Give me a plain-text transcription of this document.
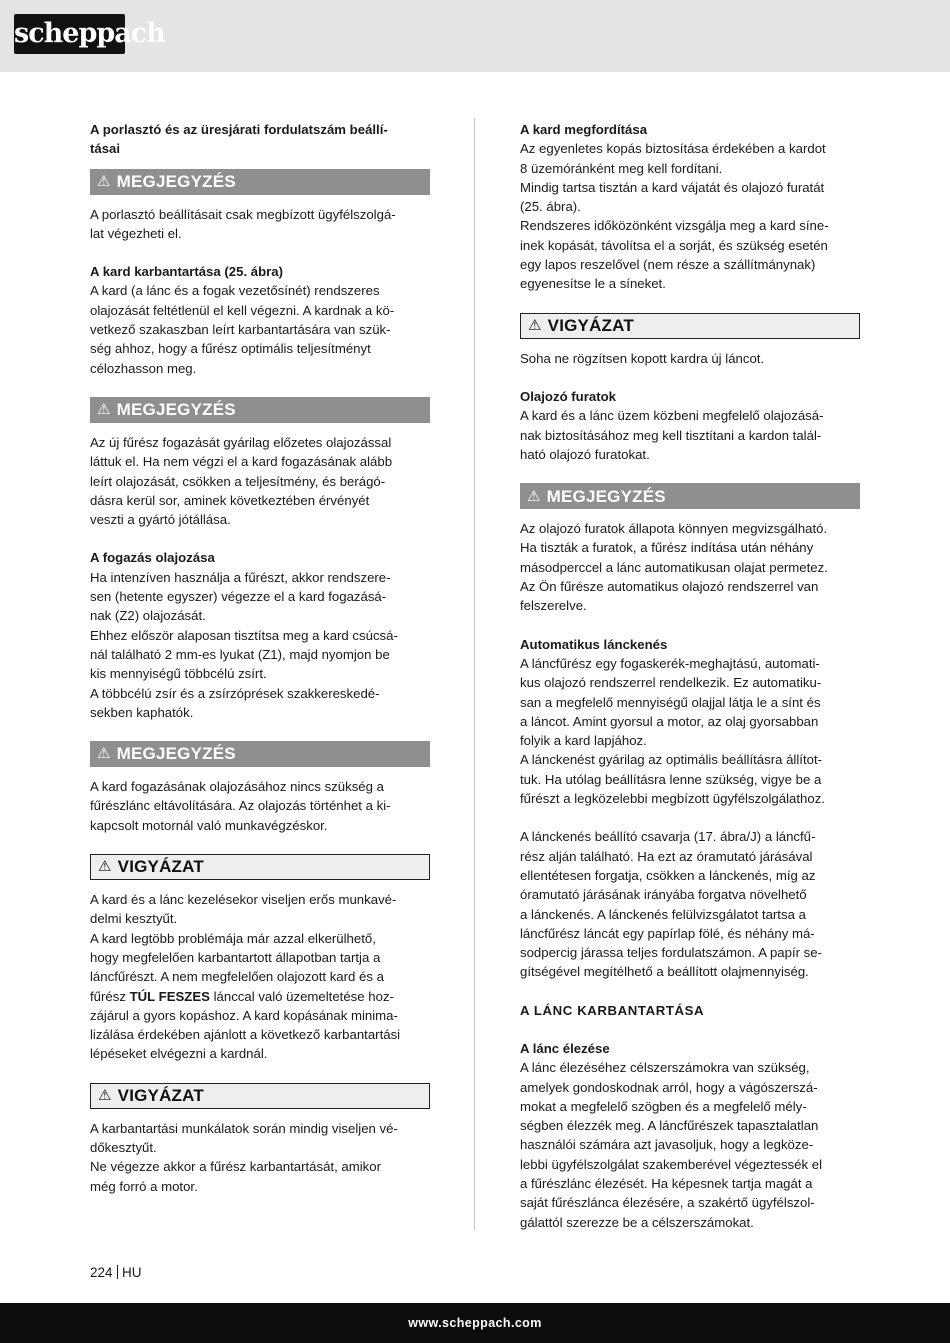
scheppach
A porlasztó és az üresjárati fordulatszám beállí-
tásai
⚠ MEGJEGYZÉS

A porlasztó beállításait csak megbízott ügyfélszolgá-
lat végezheti el.

A kard karbantartása (25. ábra)

A kard (a lánc és a fogak vezetősínét) rendszeres
olajozását feltétlenül el kell végezni. A kardnak a kö-
vetkező szakaszban leírt karbantartására van szük-
ség ahhoz, hogy a fűrész optimális teljesítményt
célozhasson meg.

⚠ MEGJEGYZÉS

Az új fűrész fogazását gyárilag előzetes olajozással
láttuk el. Ha nem végzi el a kard fogazásának alább
leírt olajozását, csökken a teljesítmény, és berágó-
dásra kerül sor, aminek következtében érvényét
veszti a gyártó jótállása.

A fogazás olajozása

Ha intenzíven használja a fűrészt, akkor rendszere-
sen (hetente egyszer) végezze el a kard fogazásá-
nak (Z2) olajozását.

Ehhez először alaposan tisztítsa meg a kard csúcsá-
nál található 2 mm-es lyukat (Z1), majd nyomjon be
kis mennyiségű többcélú zsírt.

A többcélú zsír és a zsírzóprések szakkereskedé-
sekben kaphatók.

⚠ MEGJEGYZÉS

A kard fogazásának olajozásához nincs szükség a
fűrészlánc eltávolítására. Az olajozás történhet a ki-
kapcsolt motornál való munkavégzéskor.

⚠ VIGYÁZAT

A kard és a lánc kezelésekor viseljen erős munkavé-
delmi kesztyűt.

A kard legtöbb problémája már azzal elkerülhető,
hogy megfelelően karbantartott állapotban tartja a
láncfűrészt. A nem megfelelően olajozott kard és a
fűrész TÚL FESZES lánccal való üzemeltetése hoz-
zájárul a gyors kopáshoz. A kard kopásának minima-
lizálása érdekében ajánlott a következő karbantartási
lépéseket elvégezni a kardnál.

⚠ VIGYÁZAT

A karbantartási munkálatok során mindig viseljen vé-
dőkesztyűt.

Ne végezze akkor a fűrész karbantartását, amikor
még forró a motor.

A kard megfordítása

Az egyenletes kopás biztosítása érdekében a kardot
8 üzemóránként meg kell fordítani.

Mindig tartsa tisztán a kard vájatát és olajozó furatát
(25. ábra).

Rendszeres időközönként vizsgálja meg a kard síne-
inek kopását, távolítsa el a sorját, és szükség esetén
egy lapos reszelővel (nem része a szállítmánynak)
egyenesítse le a síneket.

⚠ VIGYÁZAT

Soha ne rögzítsen kopott kardra új láncot.

Olajozó furatok

A kard és a lánc üzem közbeni megfelelő olajozásá-
nak biztosításához meg kell tisztítani a kardon talál-
ható olajozó furatokat.

⚠ MEGJEGYZÉS

Az olajozó furatok állapota könnyen megvizsgálható.
Ha tiszták a furatok, a fűrész indítása után néhány
másodperccel a lánc automatikusan olajat permetez.
Az Ön fűrésze automatikus olajozó rendszerrel van
felszerelve.

Automatikus lánckenés

A láncfűrész egy fogaskerék-meghajtású, automati-
kus olajozó rendszerrel rendelkezik. Ez automatiku-
san a megfelelő mennyiségű olajjal látja le a sínt és
a láncot. Amint gyorsul a motor, az olaj gyorsabban
folyik a kard lapjához.

A lánckenést gyárilag az optimális beállításra állítot-
tuk. Ha utólag beállításra lenne szükség, vigye be a
fűrészt a legközelebbi megbízott ügyfélszolgálathoz.

A lánckenés beállító csavarja (17. ábra/J) a láncfű-
rész alján található. Ha ezt az óramutató járásával
ellentétesen forgatja, csökken a lánckenés, míg az
óramutató járásának irányába forgatva növelhető
a lánckenés. A lánckenés felülvizsgálatot tartsa a
láncfűrész láncát egy papírlap fölé, és néhány má-
sodpercig járassa teljes fordulatszámon. A papír se-
gítségével megítélhető a beállított olajmennyiség.

A LÁNC KARBANTARTÁSA
A lánc élezése

A lánc élezéséhez célszerszámokra van szükség,
amelyek gondoskodnak arról, hogy a vágószerszá-
mokat a megfelelő szögben és a megfelelő mély-
ségben élezzék meg. A láncfűrészek tapasztalatlan
használói számára azt javasoljuk, hogy a legköze-
lebbi ügyfélszolgálat szakemberével végeztessék el
a fűrészlánc élezését. Ha képesnek tartja magát a
saját fűrészlánca élezésére, a szakértő ügyfélszol-
gálattól szerezze be a célszerszámokat.

224 HU
www.scheppach.com
